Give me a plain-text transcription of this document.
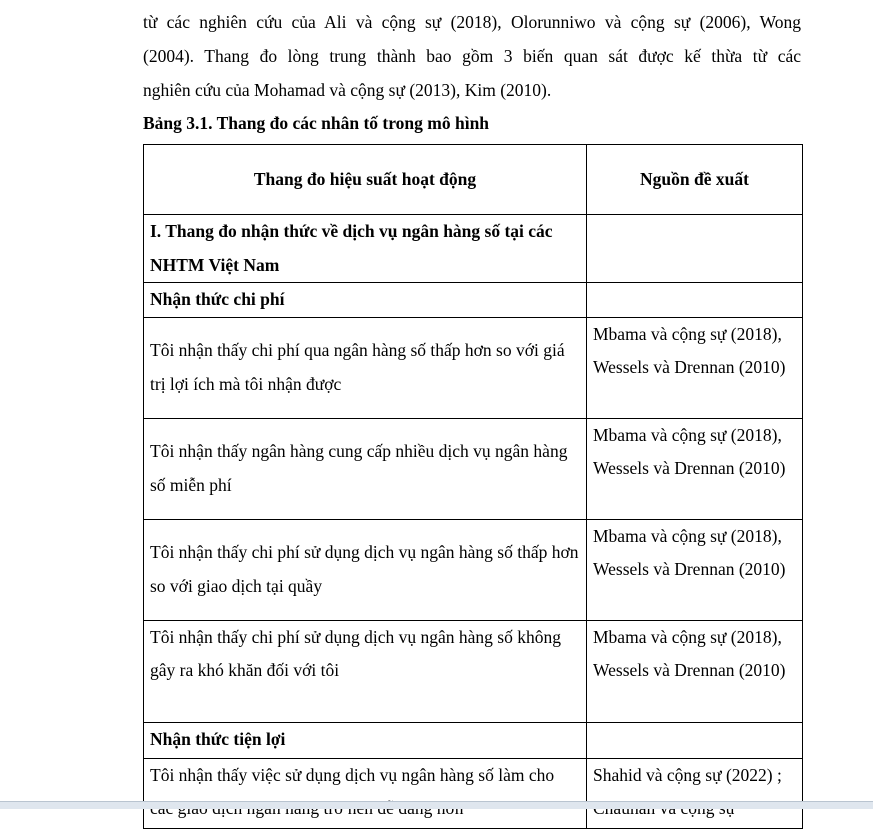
từ các nghiên cứu của Ali và cộng sự (2018), Olorunniwo và cộng sự (2006), Wong
(2004). Thang đo lòng trung thành bao gồm 3 biến quan sát được kế thừa từ các
nghiên cứu của Mohamad và cộng sự (2013), Kim (2010).
Bảng 3.1. Thang đo các nhân tố trong mô hình
Thang đo hiệu suất hoạt động	Nguồn đề xuất
I. Thang đo nhận thức về dịch vụ ngân hàng số tại các NHTM Việt Nam	
Nhận thức chi phí	
Tôi nhận thấy chi phí qua ngân hàng số thấp hơn so với giá trị lợi ích mà tôi nhận được	Mbama và cộng sự (2018), Wessels và Drennan (2010)
Tôi nhận thấy ngân hàng cung cấp nhiều dịch vụ ngân hàng số miễn phí	Mbama và cộng sự (2018), Wessels và Drennan (2010)
Tôi nhận thấy chi phí sử dụng dịch vụ ngân hàng số thấp hơn so với giao dịch tại quầy	Mbama và cộng sự (2018), Wessels và Drennan (2010)
Tôi nhận thấy chi phí sử dụng dịch vụ ngân hàng số không gây ra khó khăn đối với tôi	Mbama và cộng sự (2018), Wessels và Drennan (2010)
Nhận thức tiện lợi	
Tôi nhận thấy việc sử dụng dịch vụ ngân hàng số làm cho	Shahid và cộng sự (2022) ;
